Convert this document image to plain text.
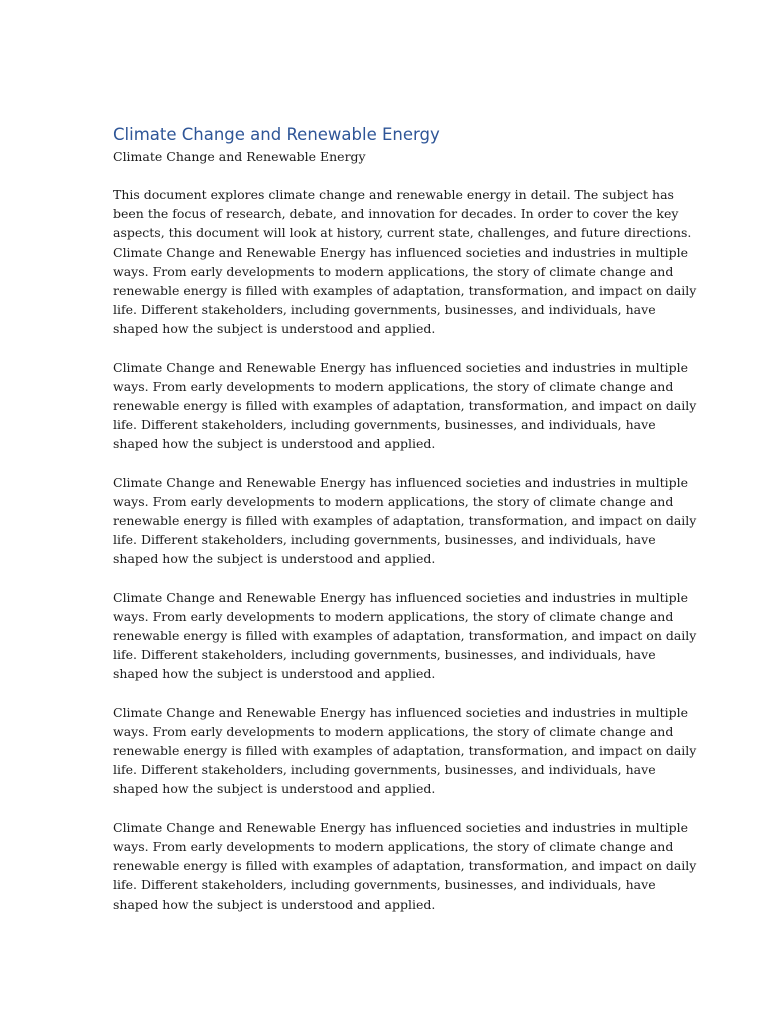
Climate Change and Renewable Energy
Climate Change and Renewable Energy

This document explores climate change and renewable energy in detail. The subject has
been the focus of research, debate, and innovation for decades. In order to cover the key
aspects, this document will look at history, current state, challenges, and future directions.
Climate Change and Renewable Energy has influenced societies and industries in multiple
ways. From early developments to modern applications, the story of climate change and
renewable energy is filled with examples of adaptation, transformation, and impact on daily
life. Different stakeholders, including governments, businesses, and individuals, have
shaped how the subject is understood and applied.

Climate Change and Renewable Energy has influenced societies and industries in multiple
ways. From early developments to modern applications, the story of climate change and
renewable energy is filled with examples of adaptation, transformation, and impact on daily
life. Different stakeholders, including governments, businesses, and individuals, have
shaped how the subject is understood and applied.

Climate Change and Renewable Energy has influenced societies and industries in multiple
ways. From early developments to modern applications, the story of climate change and
renewable energy is filled with examples of adaptation, transformation, and impact on daily
life. Different stakeholders, including governments, businesses, and individuals, have
shaped how the subject is understood and applied.

Climate Change and Renewable Energy has influenced societies and industries in multiple
ways. From early developments to modern applications, the story of climate change and
renewable energy is filled with examples of adaptation, transformation, and impact on daily
life. Different stakeholders, including governments, businesses, and individuals, have
shaped how the subject is understood and applied.

Climate Change and Renewable Energy has influenced societies and industries in multiple
ways. From early developments to modern applications, the story of climate change and
renewable energy is filled with examples of adaptation, transformation, and impact on daily
life. Different stakeholders, including governments, businesses, and individuals, have
shaped how the subject is understood and applied.

Climate Change and Renewable Energy has influenced societies and industries in multiple
ways. From early developments to modern applications, the story of climate change and
renewable energy is filled with examples of adaptation, transformation, and impact on daily
life. Different stakeholders, including governments, businesses, and individuals, have
shaped how the subject is understood and applied.
